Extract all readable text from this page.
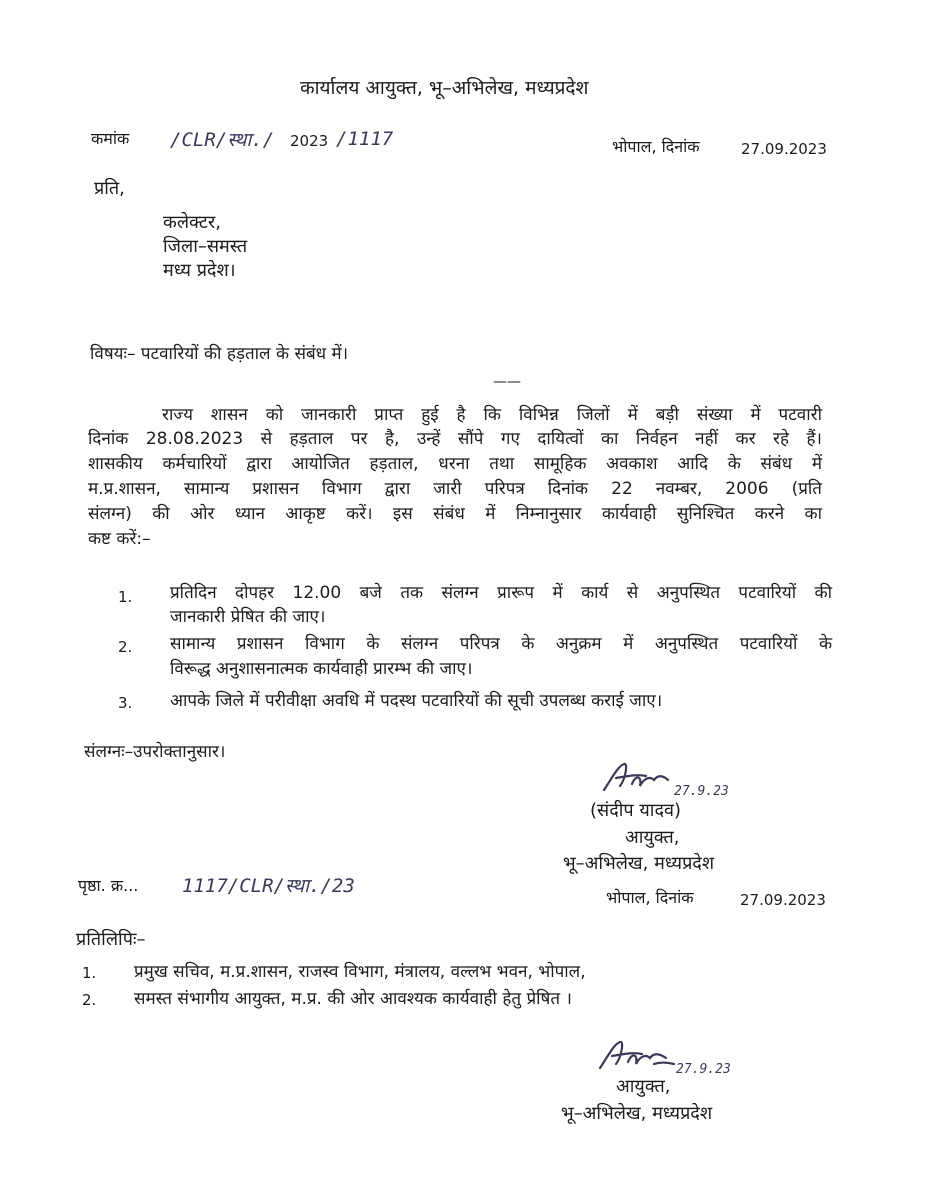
कार्यालय आयुक्त, भू–अभिलेख, मध्यप्रदेश
कमांक /CLR/स्था./ 2023 /1117	भोपाल, दिनांक	27.09.2023
प्रति,
कलेक्टर,
जिला–समस्त
मध्य प्रदेश।
विषयः– पटवारियों की हड़ताल के संबंध में।
——
राज्य शासन को जानकारी प्राप्त हुई है कि विभिन्न जिलों में बड़ी संख्या में पटवारी
दिनांक 28.08.2023 से हड़ताल पर है, उन्हें सौंपे गए दायित्वों का निर्वहन नहीं कर रहे हैं।
शासकीय कर्मचारियों द्वारा आयोजित हड़ताल, धरना तथा सामूहिक अवकाश आदि के संबंध में
म.प्र.शासन, सामान्य प्रशासन विभाग द्वारा जारी परिपत्र दिनांक 22 नवम्बर, 2006 (प्रति
संलग्न) की ओर ध्यान आकृष्ट करें। इस संबंध में निम्नानुसार कार्यवाही सुनिश्चित करने का
कष्ट करें:–
1. प्रतिदिन दोपहर 12.00 बजे तक संलग्न प्रारूप में कार्य से अनुपस्थित पटवारियों की
जानकारी प्रेषित की जाए।
2. सामान्य प्रशासन विभाग के संलग्न परिपत्र के अनुक्रम में अनुपस्थित पटवारियों के
विरूद्ध अनुशासनात्मक कार्यवाही प्रारम्भ की जाए।
3. आपके जिले में परीवीक्षा अवधि में पदस्थ पटवारियों की सूची उपलब्ध कराई जाए।
संलग्नः–उपरोक्तानुसार।
27.9.23
(संदीप यादव)
आयुक्त,
भू–अभिलेख, मध्यप्रदेश
भोपाल, दिनांक	27.09.2023
पृष्ठा. क्र... 1117/CLR/स्था./23
प्रतिलिपिः–
1. प्रमुख सचिव, म.प्र.शासन, राजस्व विभाग, मंत्रालय, वल्लभ भवन, भोपाल,
2. समस्त संभागीय आयुक्त, म.प्र. की ओर आवश्यक कार्यवाही हेतु प्रेषित ।
27.9.23
आयुक्त,
भू–अभिलेख, मध्यप्रदेश
